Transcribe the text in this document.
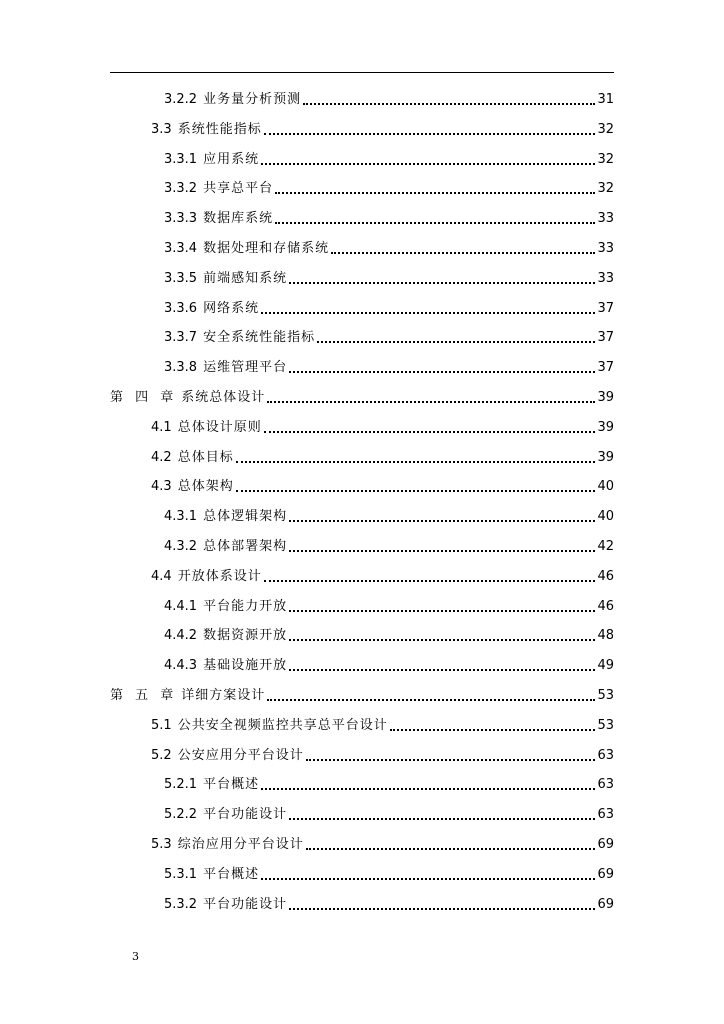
3.2.2 业务量分析预测	31
3.3 系统性能指标	32
3.3.1 应用系统	32
3.3.2 共享总平台	32
3.3.3 数据库系统	33
3.3.4 数据处理和存储系统	33
3.3.5 前端感知系统	33
3.3.6 网络系统	37
3.3.7 安全系统性能指标	37
3.3.8 运维管理平台	37
第 四 章 系统总体设计	39
4.1 总体设计原则	39
4.2 总体目标	39
4.3 总体架构	40
4.3.1 总体逻辑架构	40
4.3.2 总体部署架构	42
4.4 开放体系设计	46
4.4.1 平台能力开放	46
4.4.2 数据资源开放	48
4.4.3 基础设施开放	49
第 五 章 详细方案设计	53
5.1 公共安全视频监控共享总平台设计	53
5.2 公安应用分平台设计	63
5.2.1 平台概述	63
5.2.2 平台功能设计	63
5.3 综治应用分平台设计	69
5.3.1 平台概述	69
5.3.2 平台功能设计	69
3
